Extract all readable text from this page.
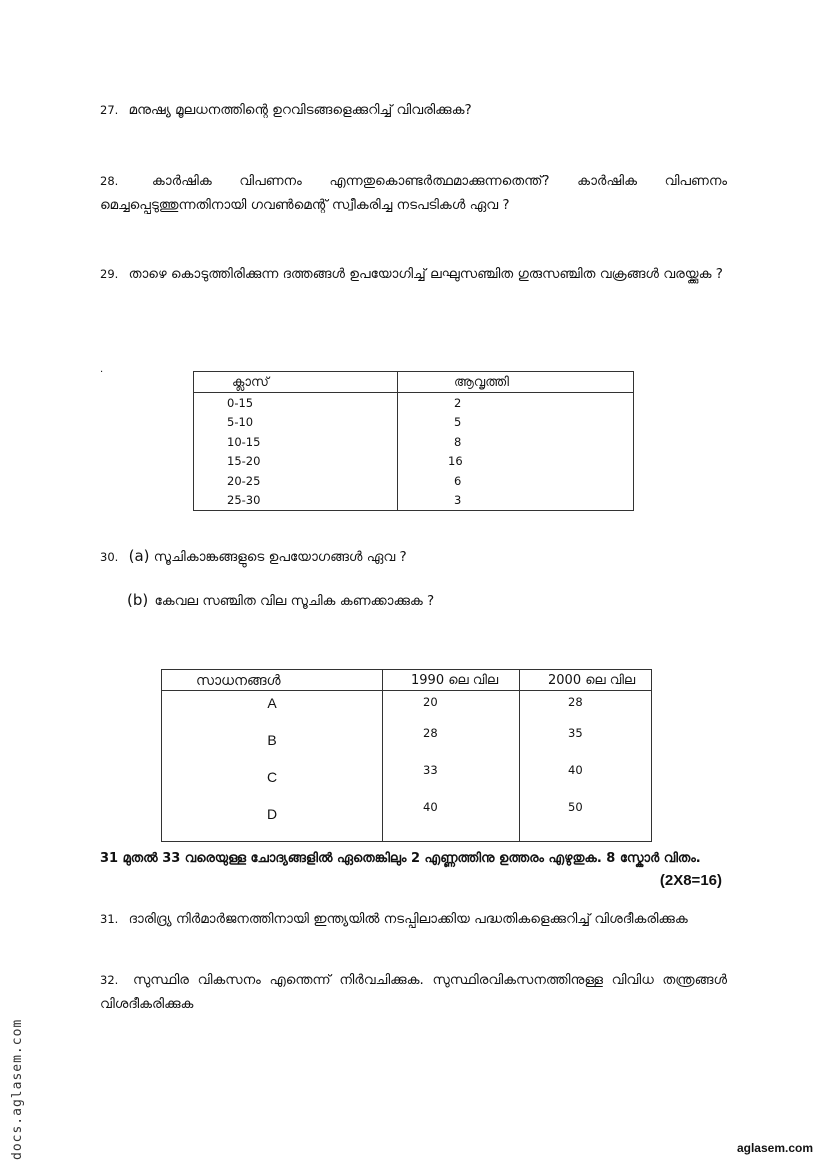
27. മനുഷ്യ മൂലധനത്തിന്റെ ഉറവിടങ്ങളെക്കുറിച്ച് വിവരിക്കുക?
28. കാർഷിക വിപണനം എന്നതുകൊണ്ടർത്ഥമാക്കുന്നതെന്ത്? കാർഷിക വിപണനം മെച്ചപ്പെടുത്തുന്നതിനായി ഗവൺമെന്റ് സ്വീകരിച്ച നടപടികൾ ഏവ ?
29. താഴെ കൊടുത്തിരിക്കുന്ന ദത്തങ്ങൾ ഉപയോഗിച്ച് ലഘുസഞ്ചിത ഗുരുസഞ്ചിത വക്രങ്ങൾ വരയ്ക്കുക ?
.
ക്ലാസ്	ആവൃത്തി
0-15	2
5-10	5
10-15	8
15-20	16
20-25	6
25-30	3
30. (a) സൂചികാങ്കങ്ങളുടെ ഉപയോഗങ്ങൾ ഏവ ?
(b) കേവല സഞ്ചിത വില സൂചിക കണക്കാക്കുക ?
സാധനങ്ങൾ	1990 ലെ വില	2000 ലെ വില
A	20	28
B	28	35
C	33	40
D	40	50
31 മുതൽ 33 വരെയുള്ള ചോദ്യങ്ങളിൽ ഏതെങ്കിലും 2 എണ്ണത്തിനു ഉത്തരം എഴുതുക. 8 സ്കോർ വിതം.
(2X8=16)
31. ദാരിദ്ര്യ നിർമാർജനത്തിനായി ഇന്ത്യയിൽ നടപ്പിലാക്കിയ പദ്ധതികളെക്കുറിച്ച് വിശദീകരിക്കുക
32. സുസ്ഥിര വികസനം എന്തെന്ന് നിർവചിക്കുക. സുസ്ഥിരവികസനത്തിനുള്ള വിവിധ തന്ത്രങ്ങൾ വിശദീകരിക്കുക
docs.aglasem.com	aglasem.com
